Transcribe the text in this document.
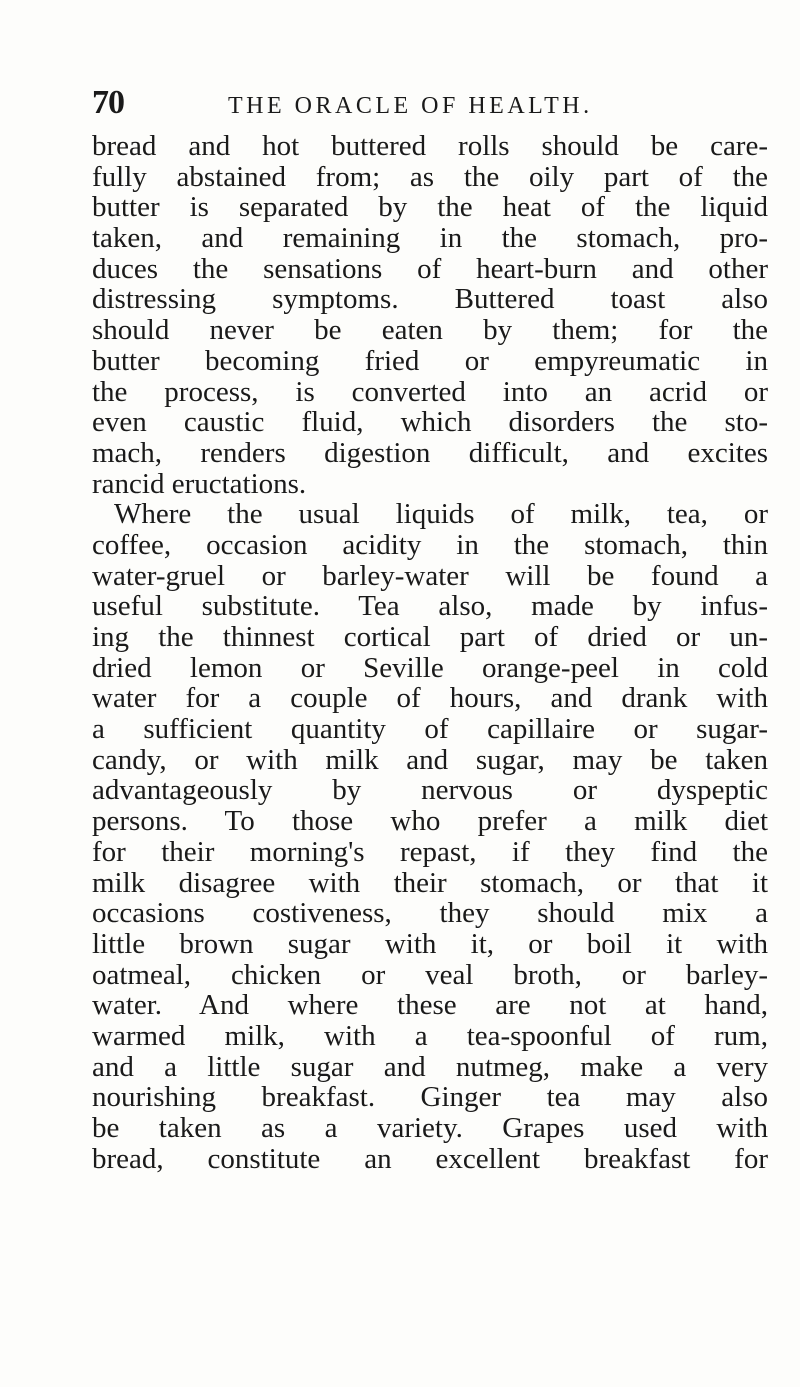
70	THE ORACLE OF HEALTH.
bread and hot buttered rolls should be care-
fully abstained from; as the oily part of the
butter is separated by the heat of the liquid
taken, and remaining in the stomach, pro-
duces the sensations of heart-burn and other
distressing symptoms. Buttered toast also
should never be eaten by them; for the
butter becoming fried or empyreumatic in
the process, is converted into an acrid or
even caustic fluid, which disorders the sto-
mach, renders digestion difficult, and excites
rancid eructations.
Where the usual liquids of milk, tea, or
coffee, occasion acidity in the stomach, thin
water-gruel or barley-water will be found a
useful substitute. Tea also, made by infus-
ing the thinnest cortical part of dried or un-
dried lemon or Seville orange-peel in cold
water for a couple of hours, and drank with
a sufficient quantity of capillaire or sugar-
candy, or with milk and sugar, may be taken
advantageously by nervous or dyspeptic
persons. To those who prefer a milk diet
for their morning's repast, if they find the
milk disagree with their stomach, or that it
occasions costiveness, they should mix a
little brown sugar with it, or boil it with
oatmeal, chicken or veal broth, or barley-
water. And where these are not at hand,
warmed milk, with a tea-spoonful of rum,
and a little sugar and nutmeg, make a very
nourishing breakfast. Ginger tea may also
be taken as a variety. Grapes used with
bread, constitute an excellent breakfast for
